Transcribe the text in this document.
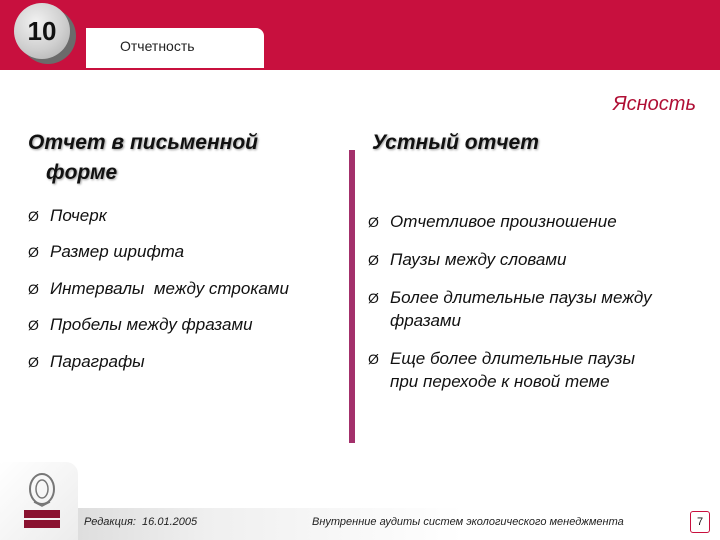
10
Отчетность
Ясность
Отчет в письменной
форме
Устный отчет
Ø Почерк
Ø Размер шрифта
Ø Интервалы  между строками
Ø Пробелы между фразами
Ø Параграфы
Ø Отчетливое произношение
Ø Паузы между словами
Ø Более длительные паузы между
фразами
Ø Еще более длительные паузы
при переходе к новой теме
Редакция:  16.01.2005	Внутренние аудиты систем экологического менеджмента	7
